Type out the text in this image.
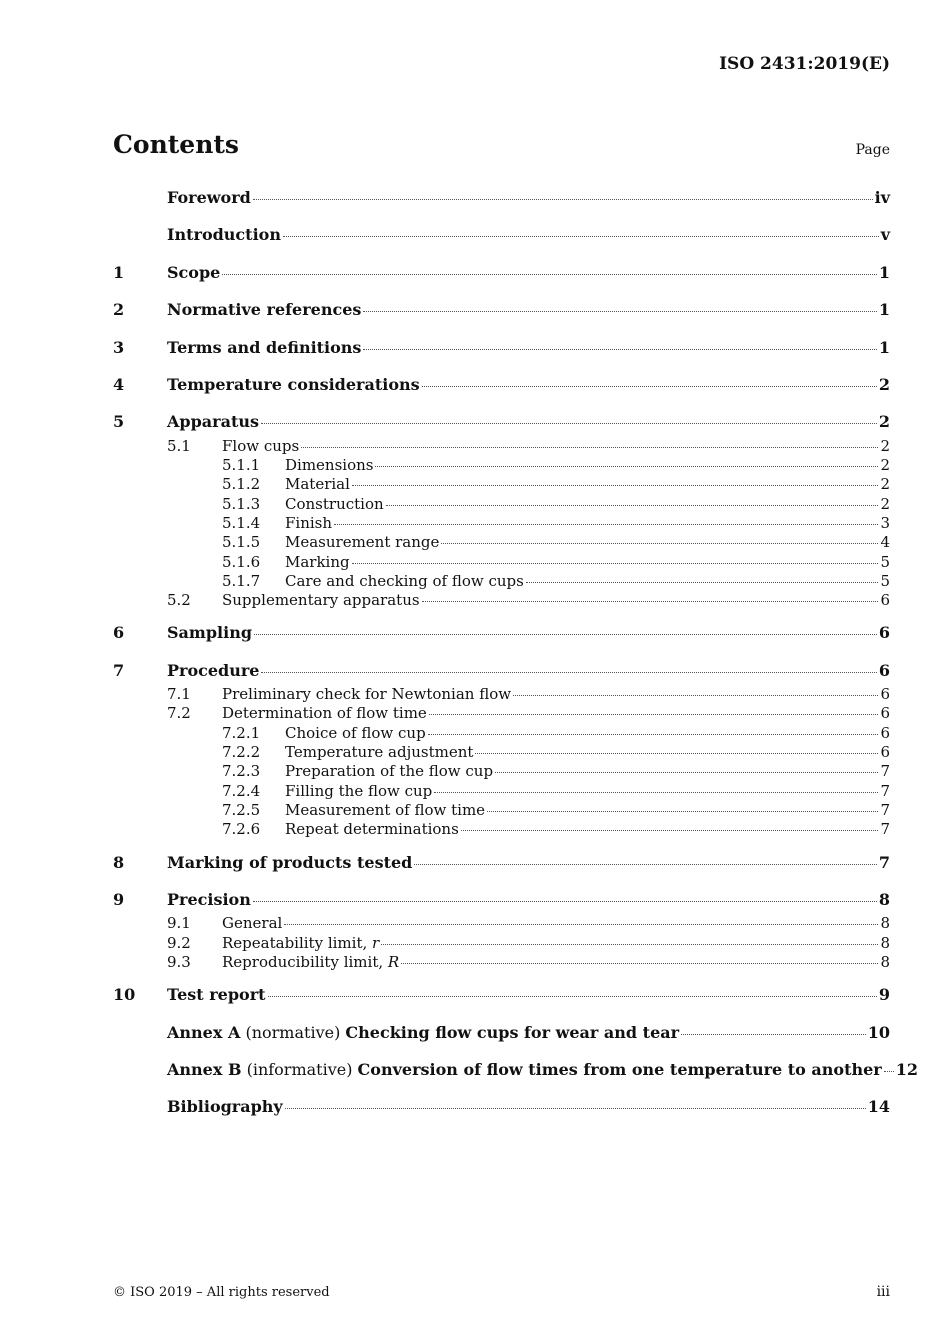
ISO 2431:2019(E)
Contents	Page
Foreword	iv
Introduction	v
1	Scope	1
2	Normative references	1
3	Terms and definitions	1
4	Temperature considerations	2
5	Apparatus	2
5.1	Flow cups	2
5.1.1	Dimensions	2
5.1.2	Material	2
5.1.3	Construction	2
5.1.4	Finish	3
5.1.5	Measurement range	4
5.1.6	Marking	5
5.1.7	Care and checking of flow cups	5
5.2	Supplementary apparatus	6
6	Sampling	6
7	Procedure	6
7.1	Preliminary check for Newtonian flow	6
7.2	Determination of flow time	6
7.2.1	Choice of flow cup	6
7.2.2	Temperature adjustment	6
7.2.3	Preparation of the flow cup	7
7.2.4	Filling the flow cup	7
7.2.5	Measurement of flow time	7
7.2.6	Repeat determinations	7
8	Marking of products tested	7
9	Precision	8
9.1	General	8
9.2	Repeatability limit, r	8
9.3	Reproducibility limit, R	8
10	Test report	9
Annex A (normative) Checking flow cups for wear and tear	10
Annex B (informative) Conversion of flow times from one temperature to another 12
Bibliography	14
© ISO 2019 – All rights reserved	iii
